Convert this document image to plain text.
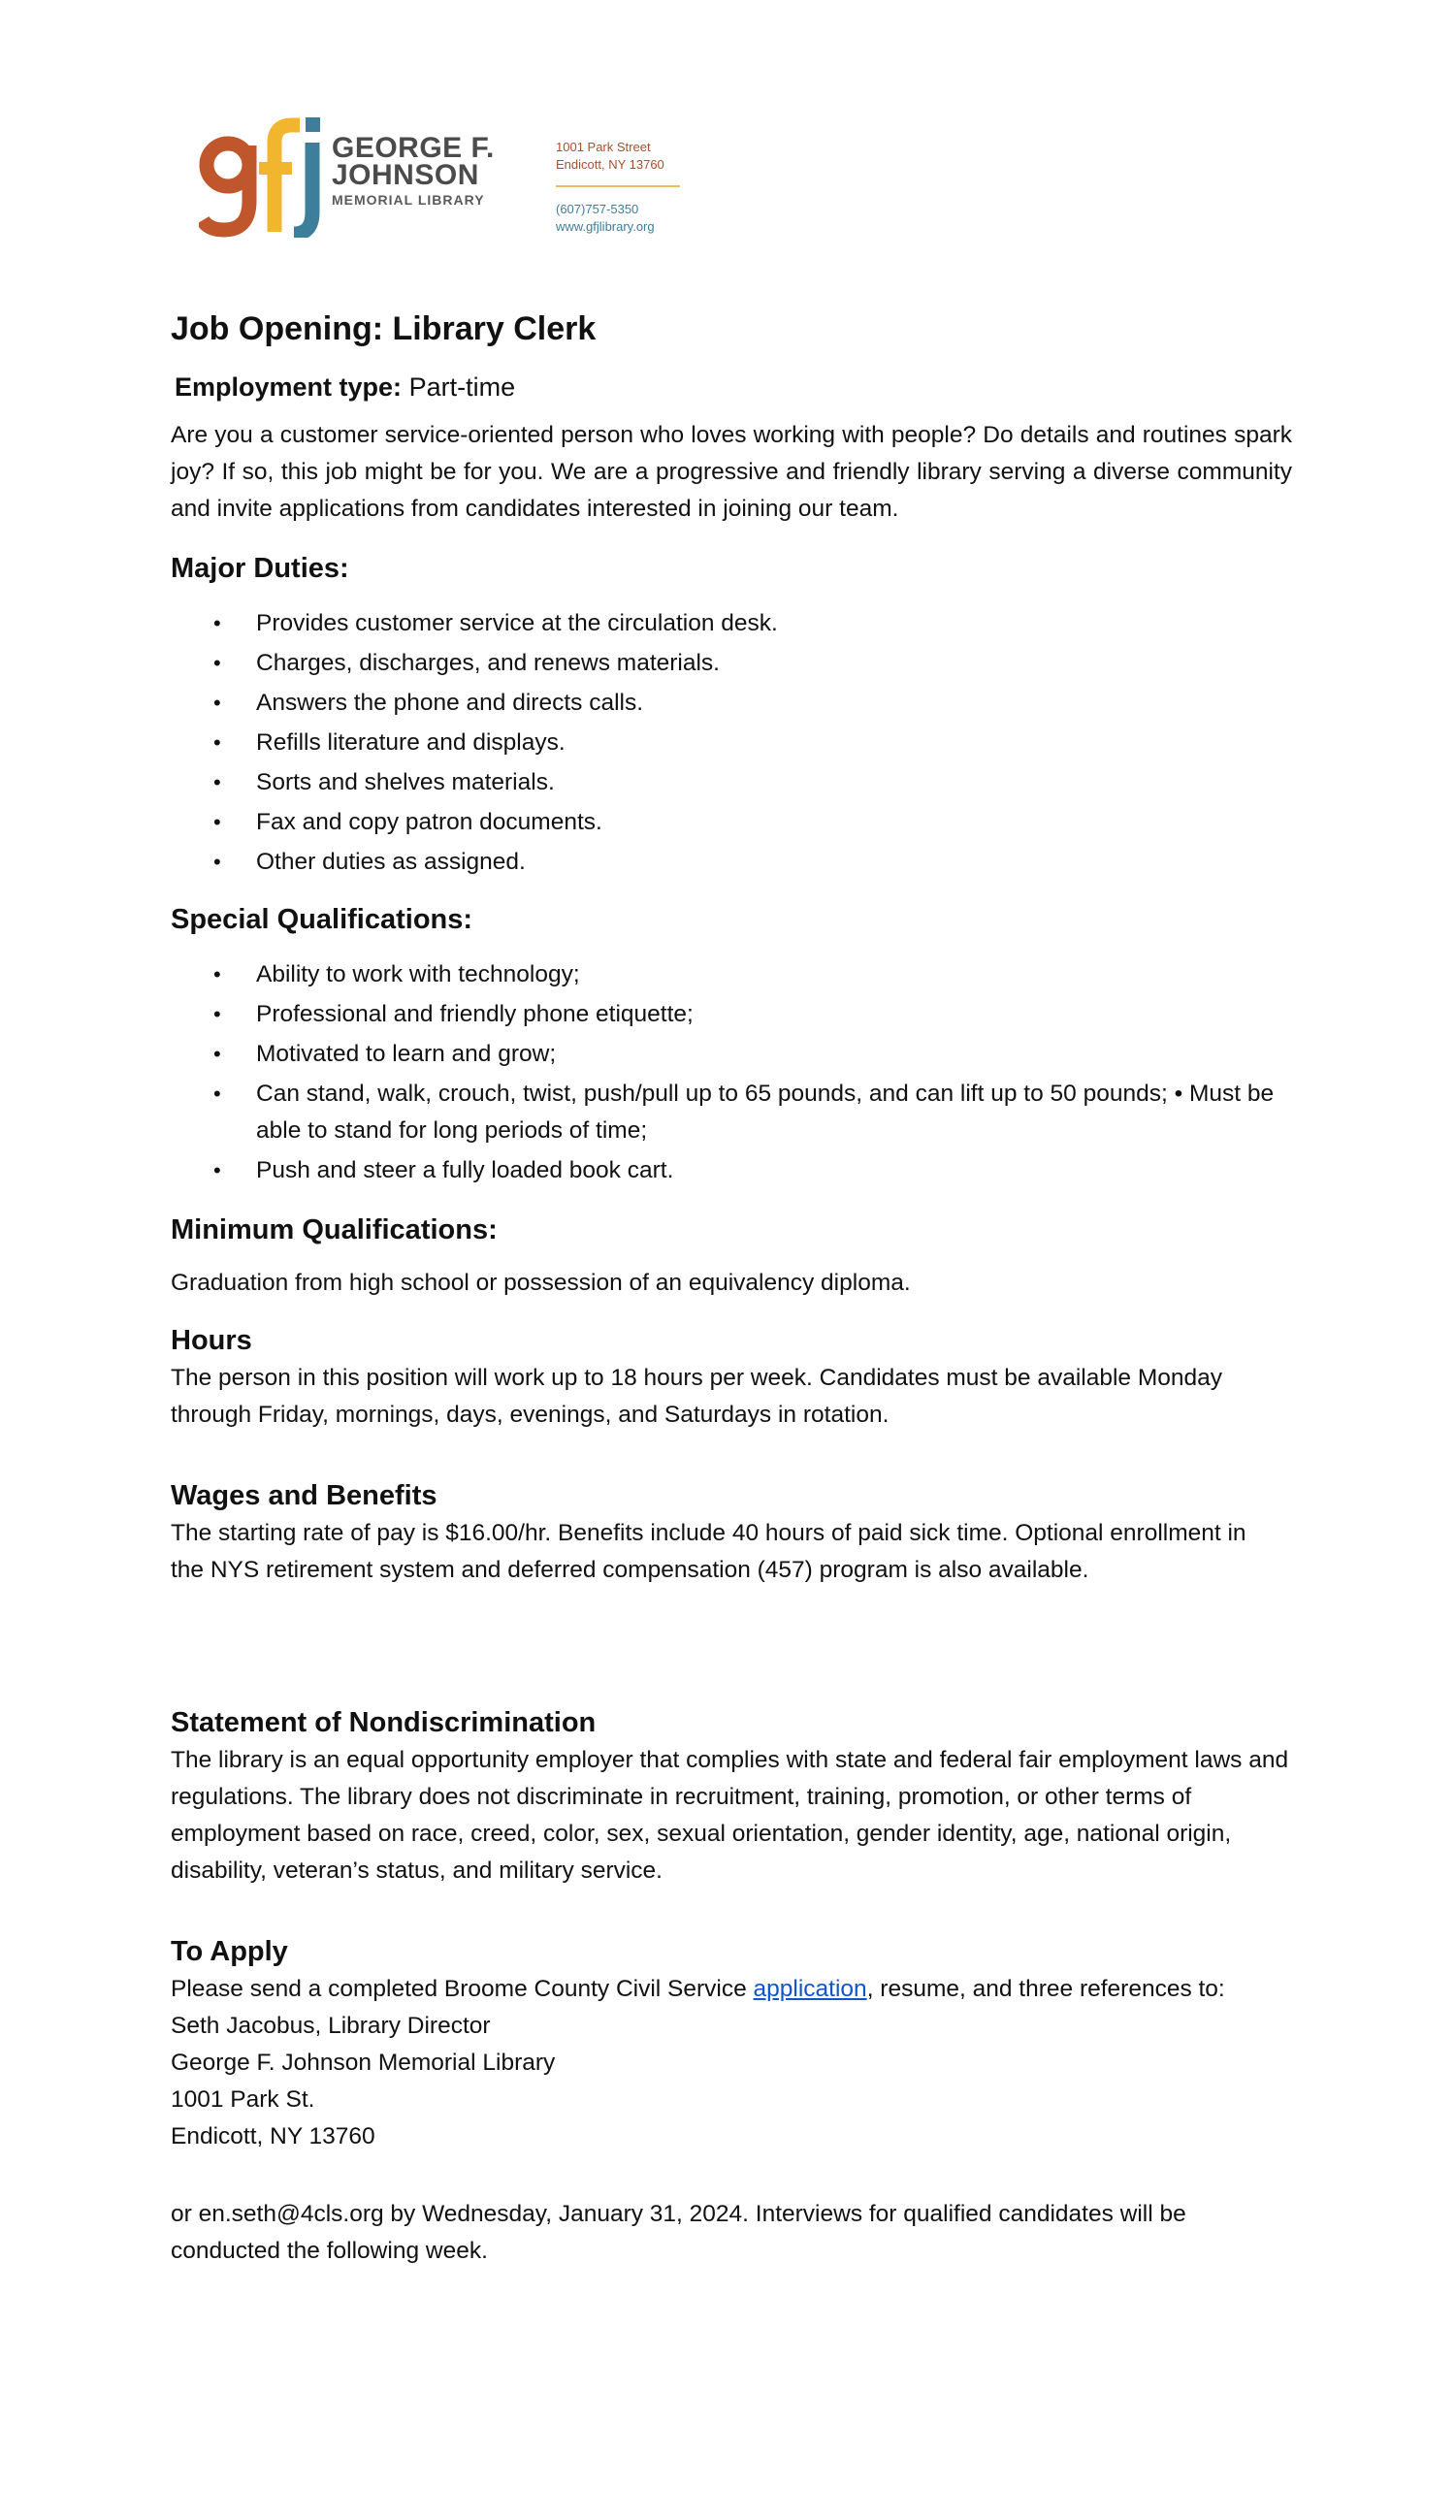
GEORGE F.
JOHNSON
MEMORIAL LIBRARY
1001 Park Street
Endicott, NY 13760
(607)757-5350
www.gfjlibrary.org
Job Opening: Library Clerk
Employment type: Part-time

Are you a customer service-oriented person who loves working with people? Do details and routines spark joy? If so, this job might be for you. We are a progressive and friendly library serving a diverse community and invite applications from candidates interested in joining our team.

Major Duties:
• Provides customer service at the circulation desk.
• Charges, discharges, and renews materials.
• Answers the phone and directs calls.
• Refills literature and displays.
• Sorts and shelves materials.
• Fax and copy patron documents.
• Other duties as assigned.
Special Qualifications:
• Ability to work with technology;
• Professional and friendly phone etiquette;
• Motivated to learn and grow;
• Can stand, walk, crouch, twist, push/pull up to 65 pounds, and can lift up to 50 pounds; • Must be able to stand for long periods of time;
• Push and steer a fully loaded book cart.
Minimum Qualifications:

Graduation from high school or possession of an equivalency diploma.

Hours

The person in this position will work up to 18 hours per week. Candidates must be available Monday through Friday, mornings, days, evenings, and Saturdays in rotation.

Wages and Benefits

The starting rate of pay is $16.00/hr. Benefits include 40 hours of paid sick time. Optional enrollment in the NYS retirement system and deferred compensation (457) program is also available.

Statement of Nondiscrimination

The library is an equal opportunity employer that complies with state and federal fair employment laws and regulations. The library does not discriminate in recruitment, training, promotion, or other terms of employment based on race, creed, color, sex, sexual orientation, gender identity, age, national origin, disability, veteran’s status, and military service.

To Apply

Please send a completed Broome County Civil Service application, resume, and three references to:

Seth Jacobus, Library Director

George F. Johnson Memorial Library

1001 Park St.

Endicott, NY 13760

or en.seth@4cls.org by Wednesday, January 31, 2024. Interviews for qualified candidates will be conducted the following week.
